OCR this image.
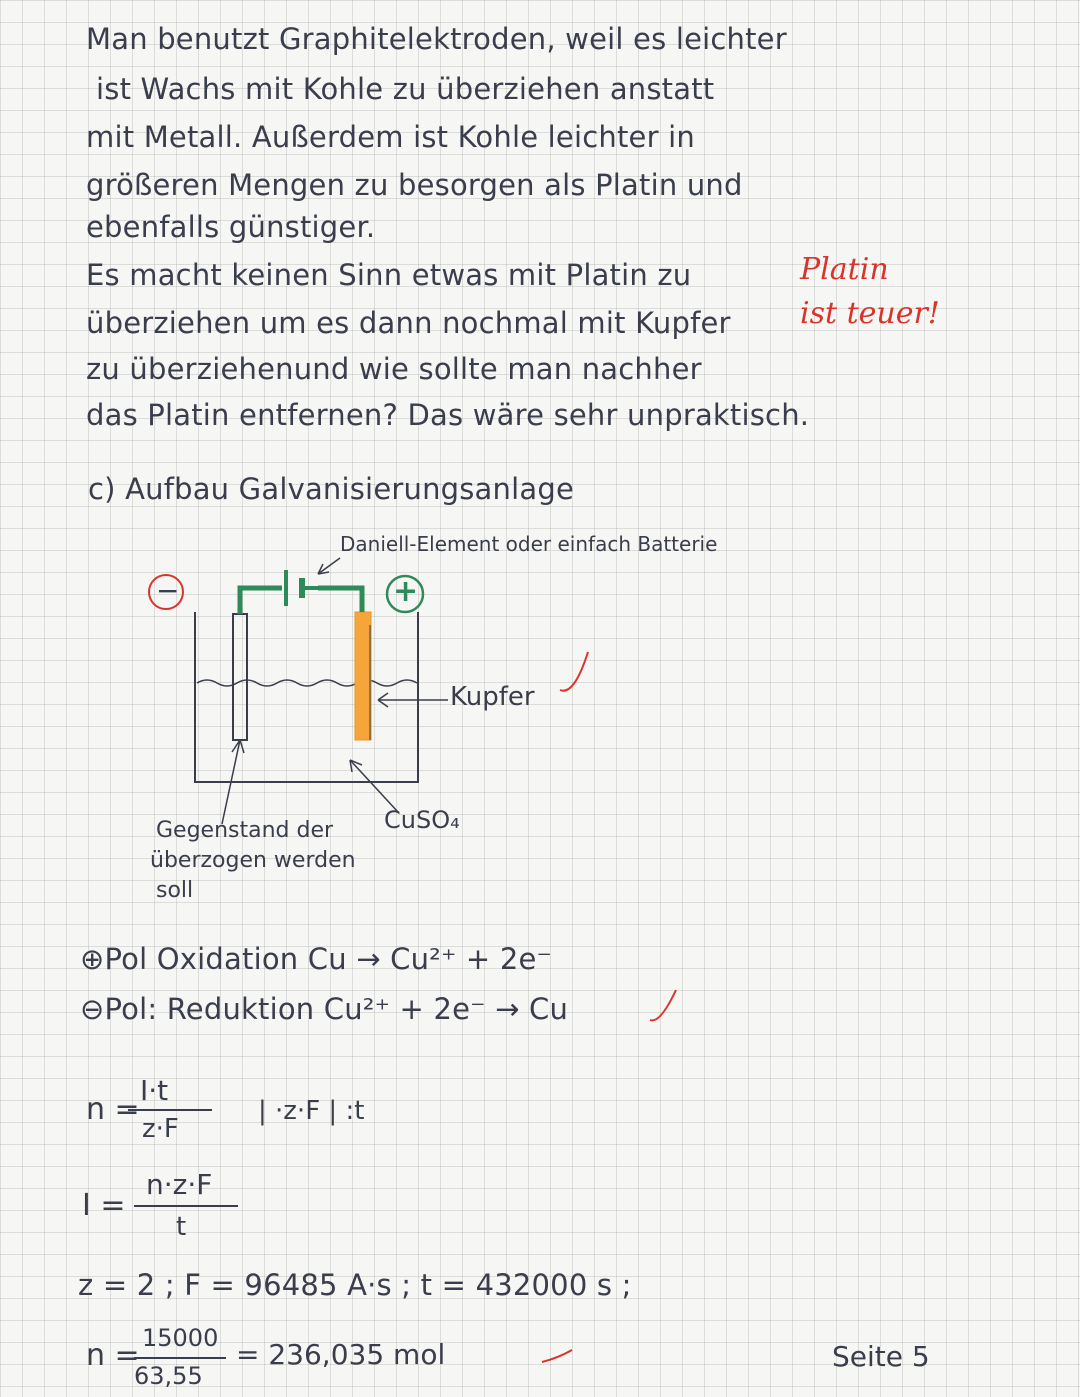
Man benutzt Graphitelektroden, weil es leichter
ist Wachs mit Kohle zu überziehen anstatt
mit Metall. Außerdem ist Kohle leichter in
größeren Mengen zu besorgen als Platin und
ebenfalls günstiger.
Es macht keinen Sinn etwas mit Platin zu
überziehen um es dann nochmal mit Kupfer
zu überziehenund wie sollte man nachher
das Platin entfernen? Das wäre sehr unpraktisch.
Platin
ist teuer!
c) Aufbau Galvanisierungsanlage
Daniell-Element oder einfach Batterie
−	+
Kupfer
CuSO₄
Gegenstand der
überzogen werden
soll
⊕Pol Oxidation Cu → Cu²⁺ + 2e⁻
⊖Pol: Reduktion Cu²⁺ + 2e⁻ → Cu
n =
I·t
z·F
| ·z·F | :t
I =
n·z·F
t
z = 2 ; F = 96485 A·s ; t = 432000 s ;
n = 15000
63,55
= 236,035 mol	Seite 5
